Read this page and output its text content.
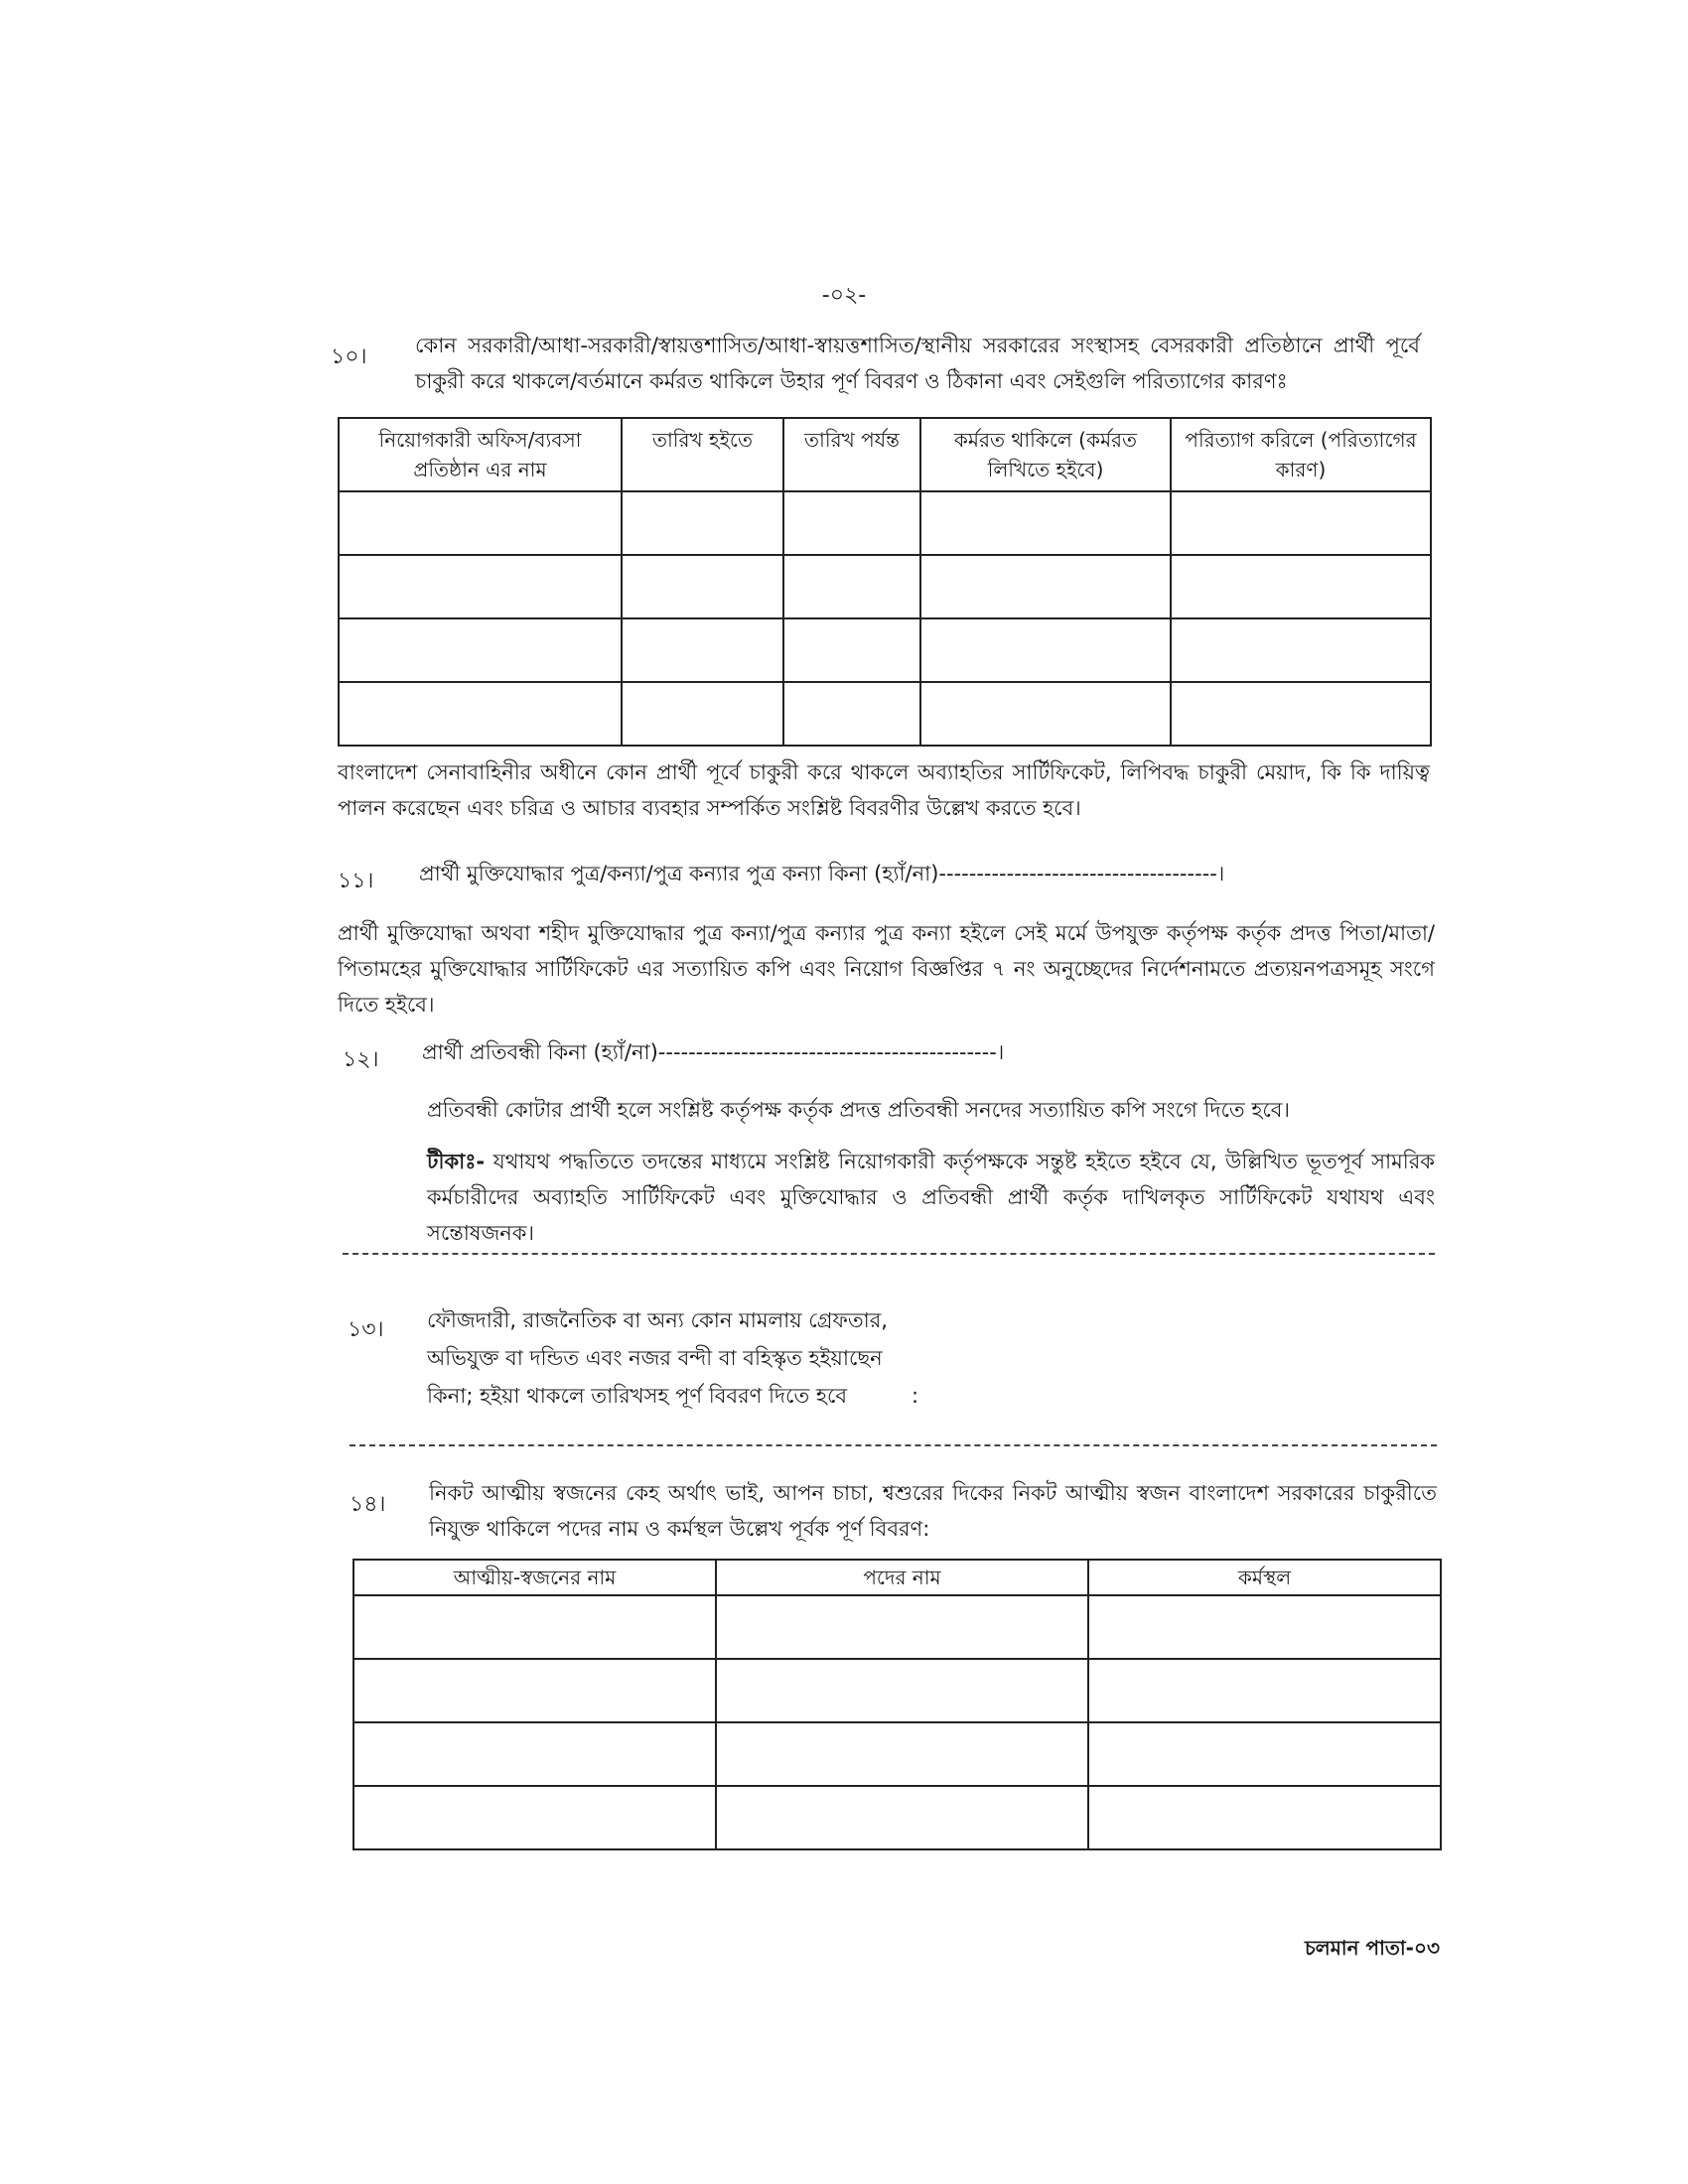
-০২-
১০। কোন সরকারী/আধা-সরকারী/স্বায়ত্তশাসিত/আধা-স্বায়ত্তশাসিত/স্থানীয় সরকারের সংস্থাসহ বেসরকারী প্রতিষ্ঠানে প্রার্থী পূর্বে চাকুরী করে থাকলে/বর্তমানে কর্মরত থাকিলে উহার পূর্ণ বিবরণ ও ঠিকানা এবং সেইগুলি পরিত্যাগের কারণঃ
নিয়োগকারী অফিস/ব্যবসা প্রতিষ্ঠান এর নাম	তারিখ হইতে	তারিখ পর্যন্ত	কর্মরত থাকিলে (কর্মরত লিখিতে হইবে)	পরিত্যাগ করিলে (পরিত্যাগের কারণ)

বাংলাদেশ সেনাবাহিনীর অধীনে কোন প্রার্থী পূর্বে চাকুরী করে থাকলে অব্যাহতির সার্টিফিকেট, লিপিবদ্ধ চাকুরী মেয়াদ, কি কি দায়িত্ব পালন করেছেন এবং চরিত্র ও আচার ব্যবহার সম্পর্কিত সংশ্লিষ্ট বিবরণীর উল্লেখ করতে হবে।
১১। প্রার্থী মুক্তিযোদ্ধার পুত্র/কন্যা/পুত্র কন্যার পুত্র কন্যা কিনা (হ্যাঁ/না)-------------------------------------।
প্রার্থী মুক্তিযোদ্ধা অথবা শহীদ মুক্তিযোদ্ধার পুত্র কন্যা/পুত্র কন্যার পুত্র কন্যা হইলে সেই মর্মে উপযুক্ত কর্তৃপক্ষ কর্তৃক প্রদত্ত পিতা/মাতা/ পিতামহের মুক্তিযোদ্ধার সার্টিফিকেট এর সত্যায়িত কপি এবং নিয়োগ বিজ্ঞপ্তির ৭ নং অনুচ্ছেদের নির্দেশনামতে প্রত্যয়নপত্রসমূহ সংগে দিতে হইবে।
১২। প্রার্থী প্রতিবন্ধী কিনা (হ্যাঁ/না)---------------------------------------------।
প্রতিবন্ধী কোটার প্রার্থী হলে সংশ্লিষ্ট কর্তৃপক্ষ কর্তৃক প্রদত্ত প্রতিবন্ধী সনদের সত্যায়িত কপি সংগে দিতে হবে।
টীকাঃ- যথাযথ পদ্ধতিতে তদন্তের মাধ্যমে সংশ্লিষ্ট নিয়োগকারী কর্তৃপক্ষকে সন্তুষ্ট হইতে হইবে যে, উল্লিখিত ভূতপূর্ব সামরিক কর্মচারীদের অব্যাহতি সার্টিফিকেট এবং মুক্তিযোদ্ধার ও প্রতিবন্ধী প্রার্থী কর্তৃক দাখিলকৃত সার্টিফিকেট যথাযথ এবং সন্তোষজনক।
১৩। ফৌজদারী, রাজনৈতিক বা অন্য কোন মামলায় গ্রেফতার,
অভিযুক্ত বা দন্ডিত এবং নজর বন্দী বা বহিস্কৃত হইয়াছেন
কিনা; হইয়া থাকলে তারিখসহ পূর্ণ বিবরণ দিতে হবে	:
১৪। নিকট আত্মীয় স্বজনের কেহ অর্থাৎ ভাই, আপন চাচা, শ্বশুরের দিকের নিকট আত্মীয় স্বজন বাংলাদেশ সরকারের চাকুরীতে নিযুক্ত থাকিলে পদের নাম ও কর্মস্থল উল্লেখ পূর্বক পূর্ণ বিবরণ:
আত্মীয়-স্বজনের নাম	পদের নাম	কর্মস্থল

চলমান পাতা-০৩
